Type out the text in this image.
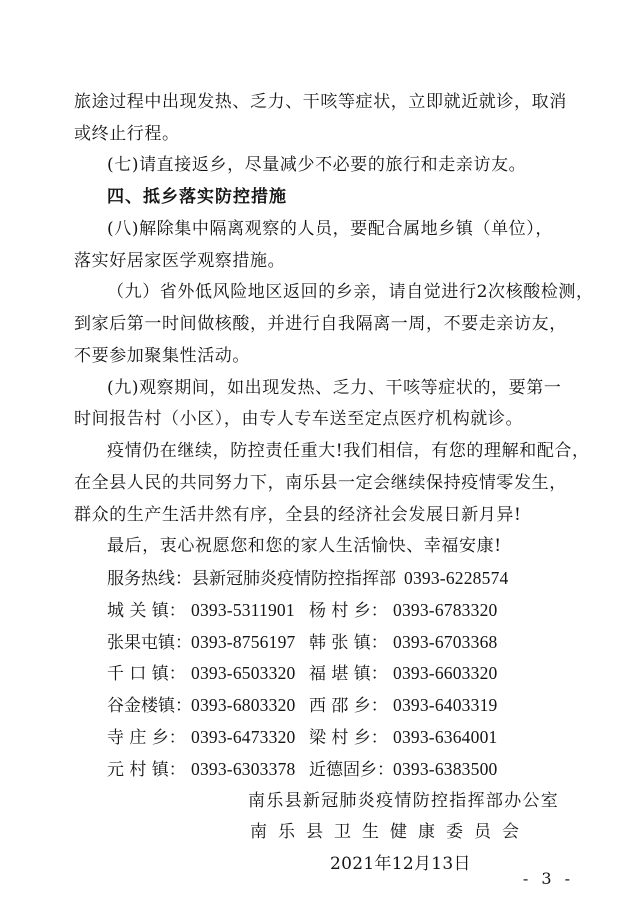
旅途过程中出现发热、乏力、干咳等症状，立即就近就诊，取消
或终止行程。
(七)请直接返乡，尽量减少不必要的旅行和走亲访友。
四、抵乡落实防控措施
(八)解除集中隔离观察的人员，要配合属地乡镇（单位），
落实好居家医学观察措施。
（九）省外低风险地区返回的乡亲，请自觉进行2次核酸检测，
到家后第一时间做核酸，并进行自我隔离一周，不要走亲访友，
不要参加聚集性活动。
(九)观察期间，如出现发热、乏力、干咳等症状的，要第一
时间报告村（小区），由专人专车送至定点医疗机构就诊。
疫情仍在继续，防控责任重大!我们相信，有您的理解和配合，
在全县人民的共同努力下，南乐县一定会继续保持疫情零发生，
群众的生产生活井然有序，全县的经济社会发展日新月异!
最后，衷心祝愿您和您的家人生活愉快、幸福安康!
服务热线：县新冠肺炎疫情防控指挥部 0393-6228574
城 关 镇： 0393-5311901 杨 村 乡： 0393-6783320
张果屯镇：0393-8756197 韩 张 镇： 0393-6703368
千 口 镇： 0393-6503320 福 堪 镇： 0393-6603320
谷金楼镇：0393-6803320 西 邵 乡： 0393-6403319
寺 庄 乡： 0393-6473320 梁 村 乡： 0393-6364001
元 村 镇： 0393-6303378 近德固乡：0393-6383500
南乐县新冠肺炎疫情防控指挥部办公室
南 乐 县 卫 生 健 康 委 员 会
2021年12月13日
- 3 -
